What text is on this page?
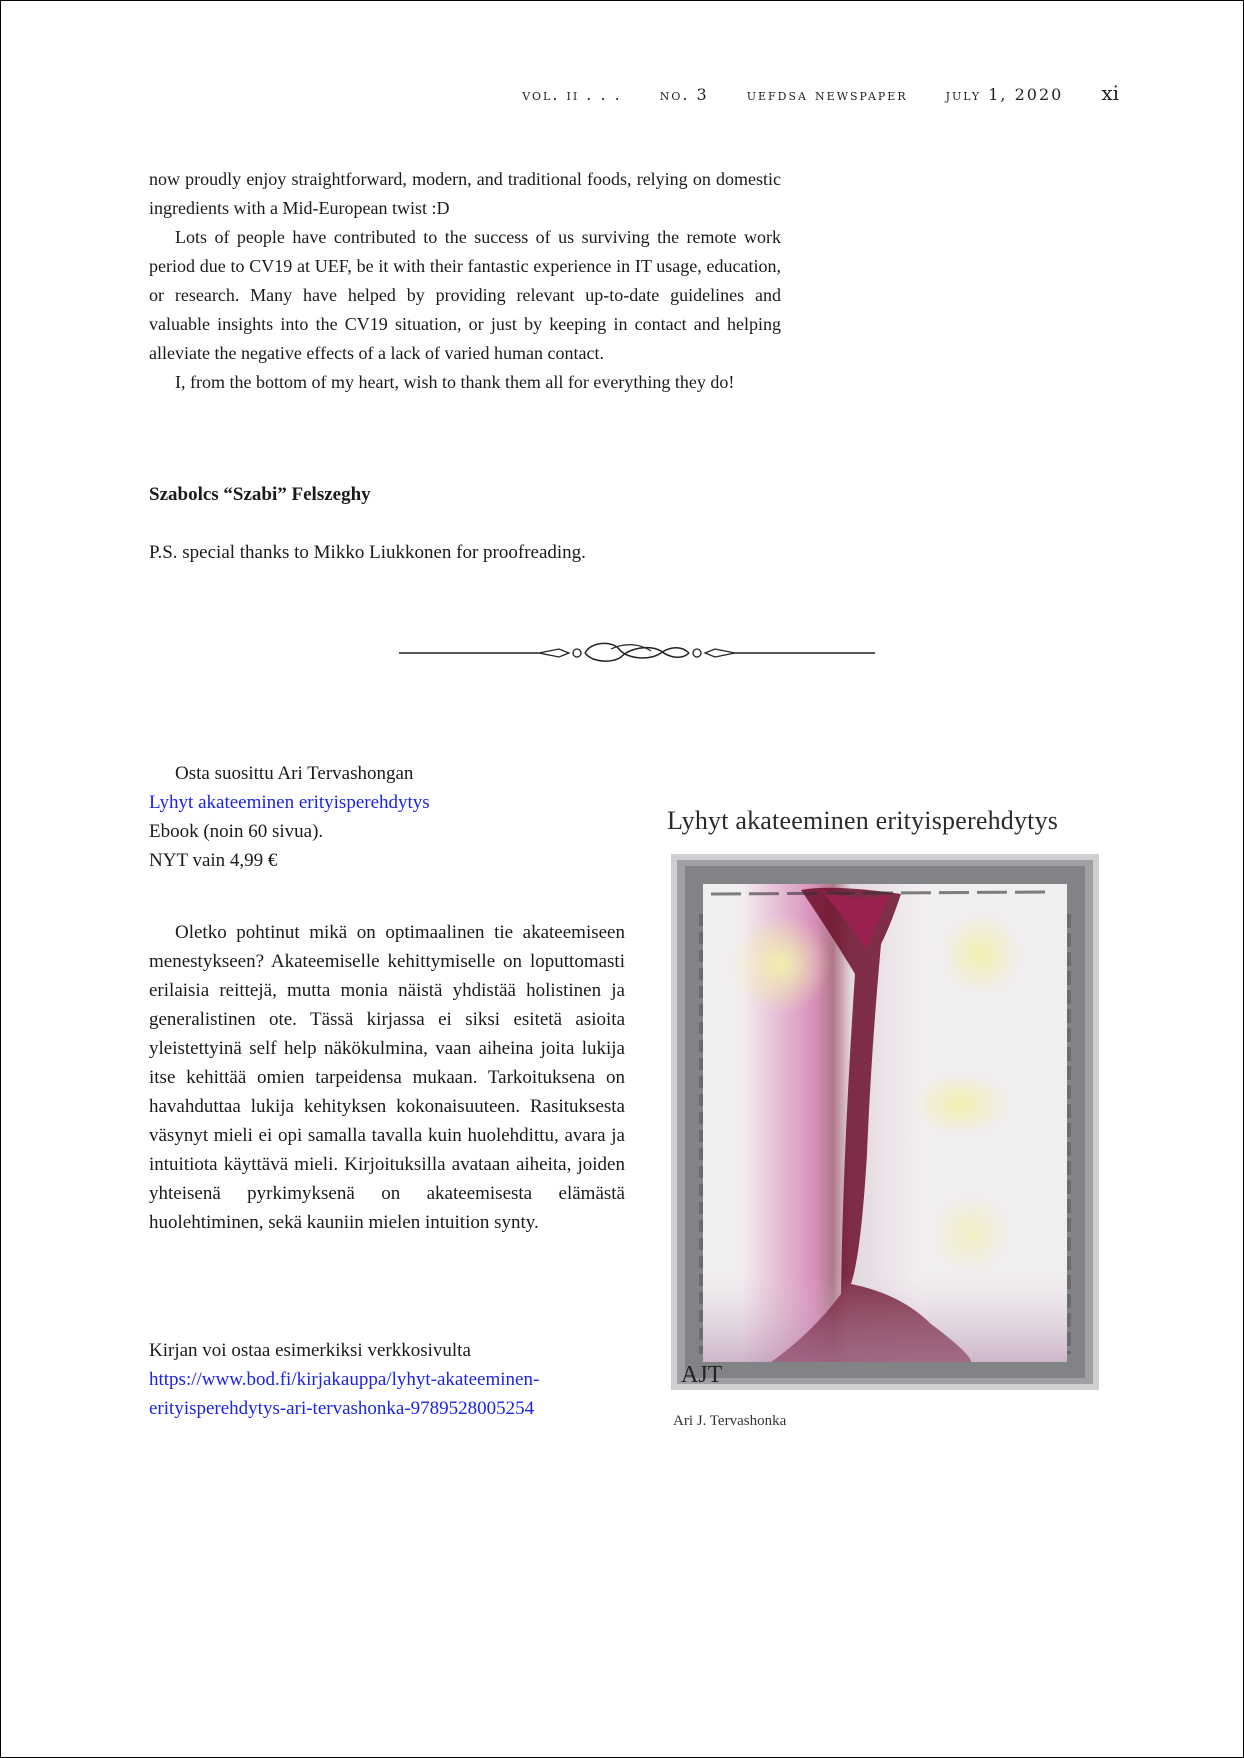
vol. ii . . . no. 3 uefdsa newspaper july 1, 2020 xi

now proudly enjoy straightforward, modern, and traditional foods, relying on domestic ingredients with a Mid-European twist :D

Lots of people have contributed to the success of us surviving the remote work period due to CV19 at UEF, be it with their fantastic experience in IT usage, education, or research. Many have helped by providing relevant up-to-date guidelines and valuable insights into the CV19 situation, or just by keeping in contact and helping alleviate the negative effects of a lack of varied human contact.

I, from the bottom of my heart, wish to thank them all for everything they do!

Szabolcs “Szabi” Felszeghy
P.S. special thanks to Mikko Liukkonen for proofreading.
Osta suosittu Ari Tervashongan
Lyhyt akateeminen erityisperehdytys
Ebook (noin 60 sivua).
NYT vain 4,99 €

Oletko pohtinut mikä on optimaalinen tie akateemiseen menestykseen? Akateemiselle kehittymiselle on loputtomasti erilaisia reittejä, mutta monia näistä yhdistää holistinen ja generalistinen ote. Tässä kirjassa ei siksi esitetä asioita yleistettyinä self help näkökulmina, vaan aiheina joita lukija itse kehittää omien tarpeidensa mukaan. Tarkoituksena on havahduttaa lukija kehityksen kokonaisuuteen. Rasituksesta väsynyt mieli ei opi samalla tavalla kuin huolehdittu, avara ja intuitiota käyttävä mieli. Kirjoituksilla avataan aiheita, joiden yhteisenä pyrkimyksenä on akateemisesta elämästä huolehtiminen, sekä kauniin mielen intuition synty.

Kirjan voi ostaa esimerkiksi verkkosivulta
https://www.bod.fi/kirjakauppa/lyhyt-akateeminen-
erityisperehdytys-ari-tervashonka-9789528005254
Lyhyt akateeminen erityisperehdytys
AJT
Ari J. Tervashonka
